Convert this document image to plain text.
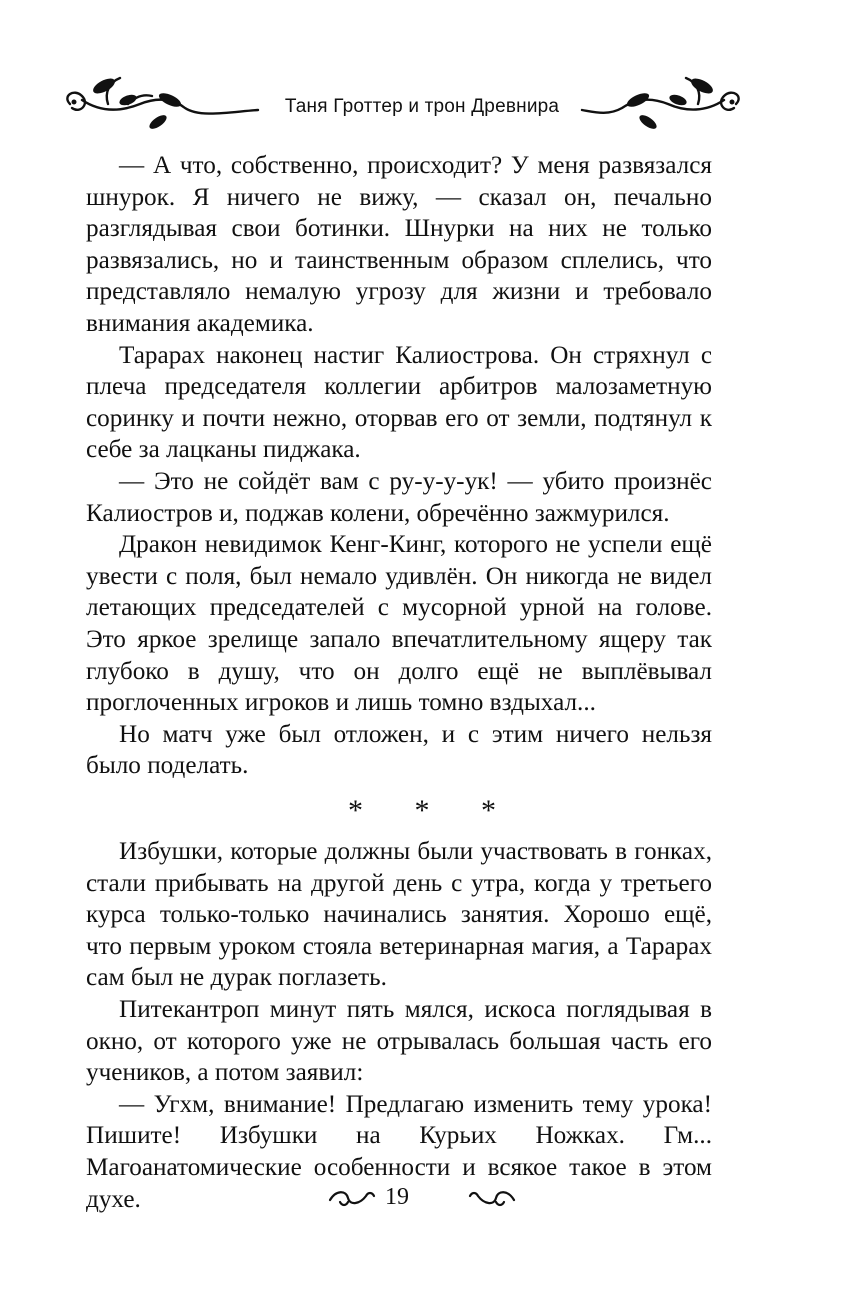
Таня Гроттер и трон Древнира

— А что, собственно, происходит? У меня развязался шнурок. Я ничего не вижу, — сказал он, печально разглядывая свои ботинки. Шнурки на них не только развязались, но и таинственным образом сплелись, что представляло немалую угрозу для жизни и требовало внимания академика.

Тарарах наконец настиг Калиострова. Он стряхнул с плеча председателя коллегии арбитров малозаметную соринку и почти нежно, оторвав его от земли, подтянул к себе за лацканы пиджака.

— Это не сойдёт вам с ру-у-у-ук! — убито произнёс Калиостров и, поджав колени, обречённо зажмурился.

Дракон невидимок Кенг-Кинг, которого не успели ещё увести с поля, был немало удивлён. Он никогда не видел летающих председателей с мусорной урной на голове. Это яркое зрелище запало впечатлительному ящеру так глубоко в душу, что он долго ещё не выплёвывал проглоченных игроков и лишь томно вздыхал...

Но матч уже был отложен, и с этим ничего нельзя было поделать.

* * *

Избушки, которые должны были участвовать в гонках, стали прибывать на другой день с утра, когда у третьего курса только-только начинались занятия. Хорошо ещё, что первым уроком стояла ветеринарная магия, а Тарарах сам был не дурак поглазеть.

Питекантроп минут пять мялся, искоса поглядывая в окно, от которого уже не отрывалась большая часть его учеников, а потом заявил:

— Угхм, внимание! Предлагаю изменить тему урока! Пишите! Избушки на Курьих Ножках. Гм... Магоанатомические особенности и всякое такое в этом духе.	19
